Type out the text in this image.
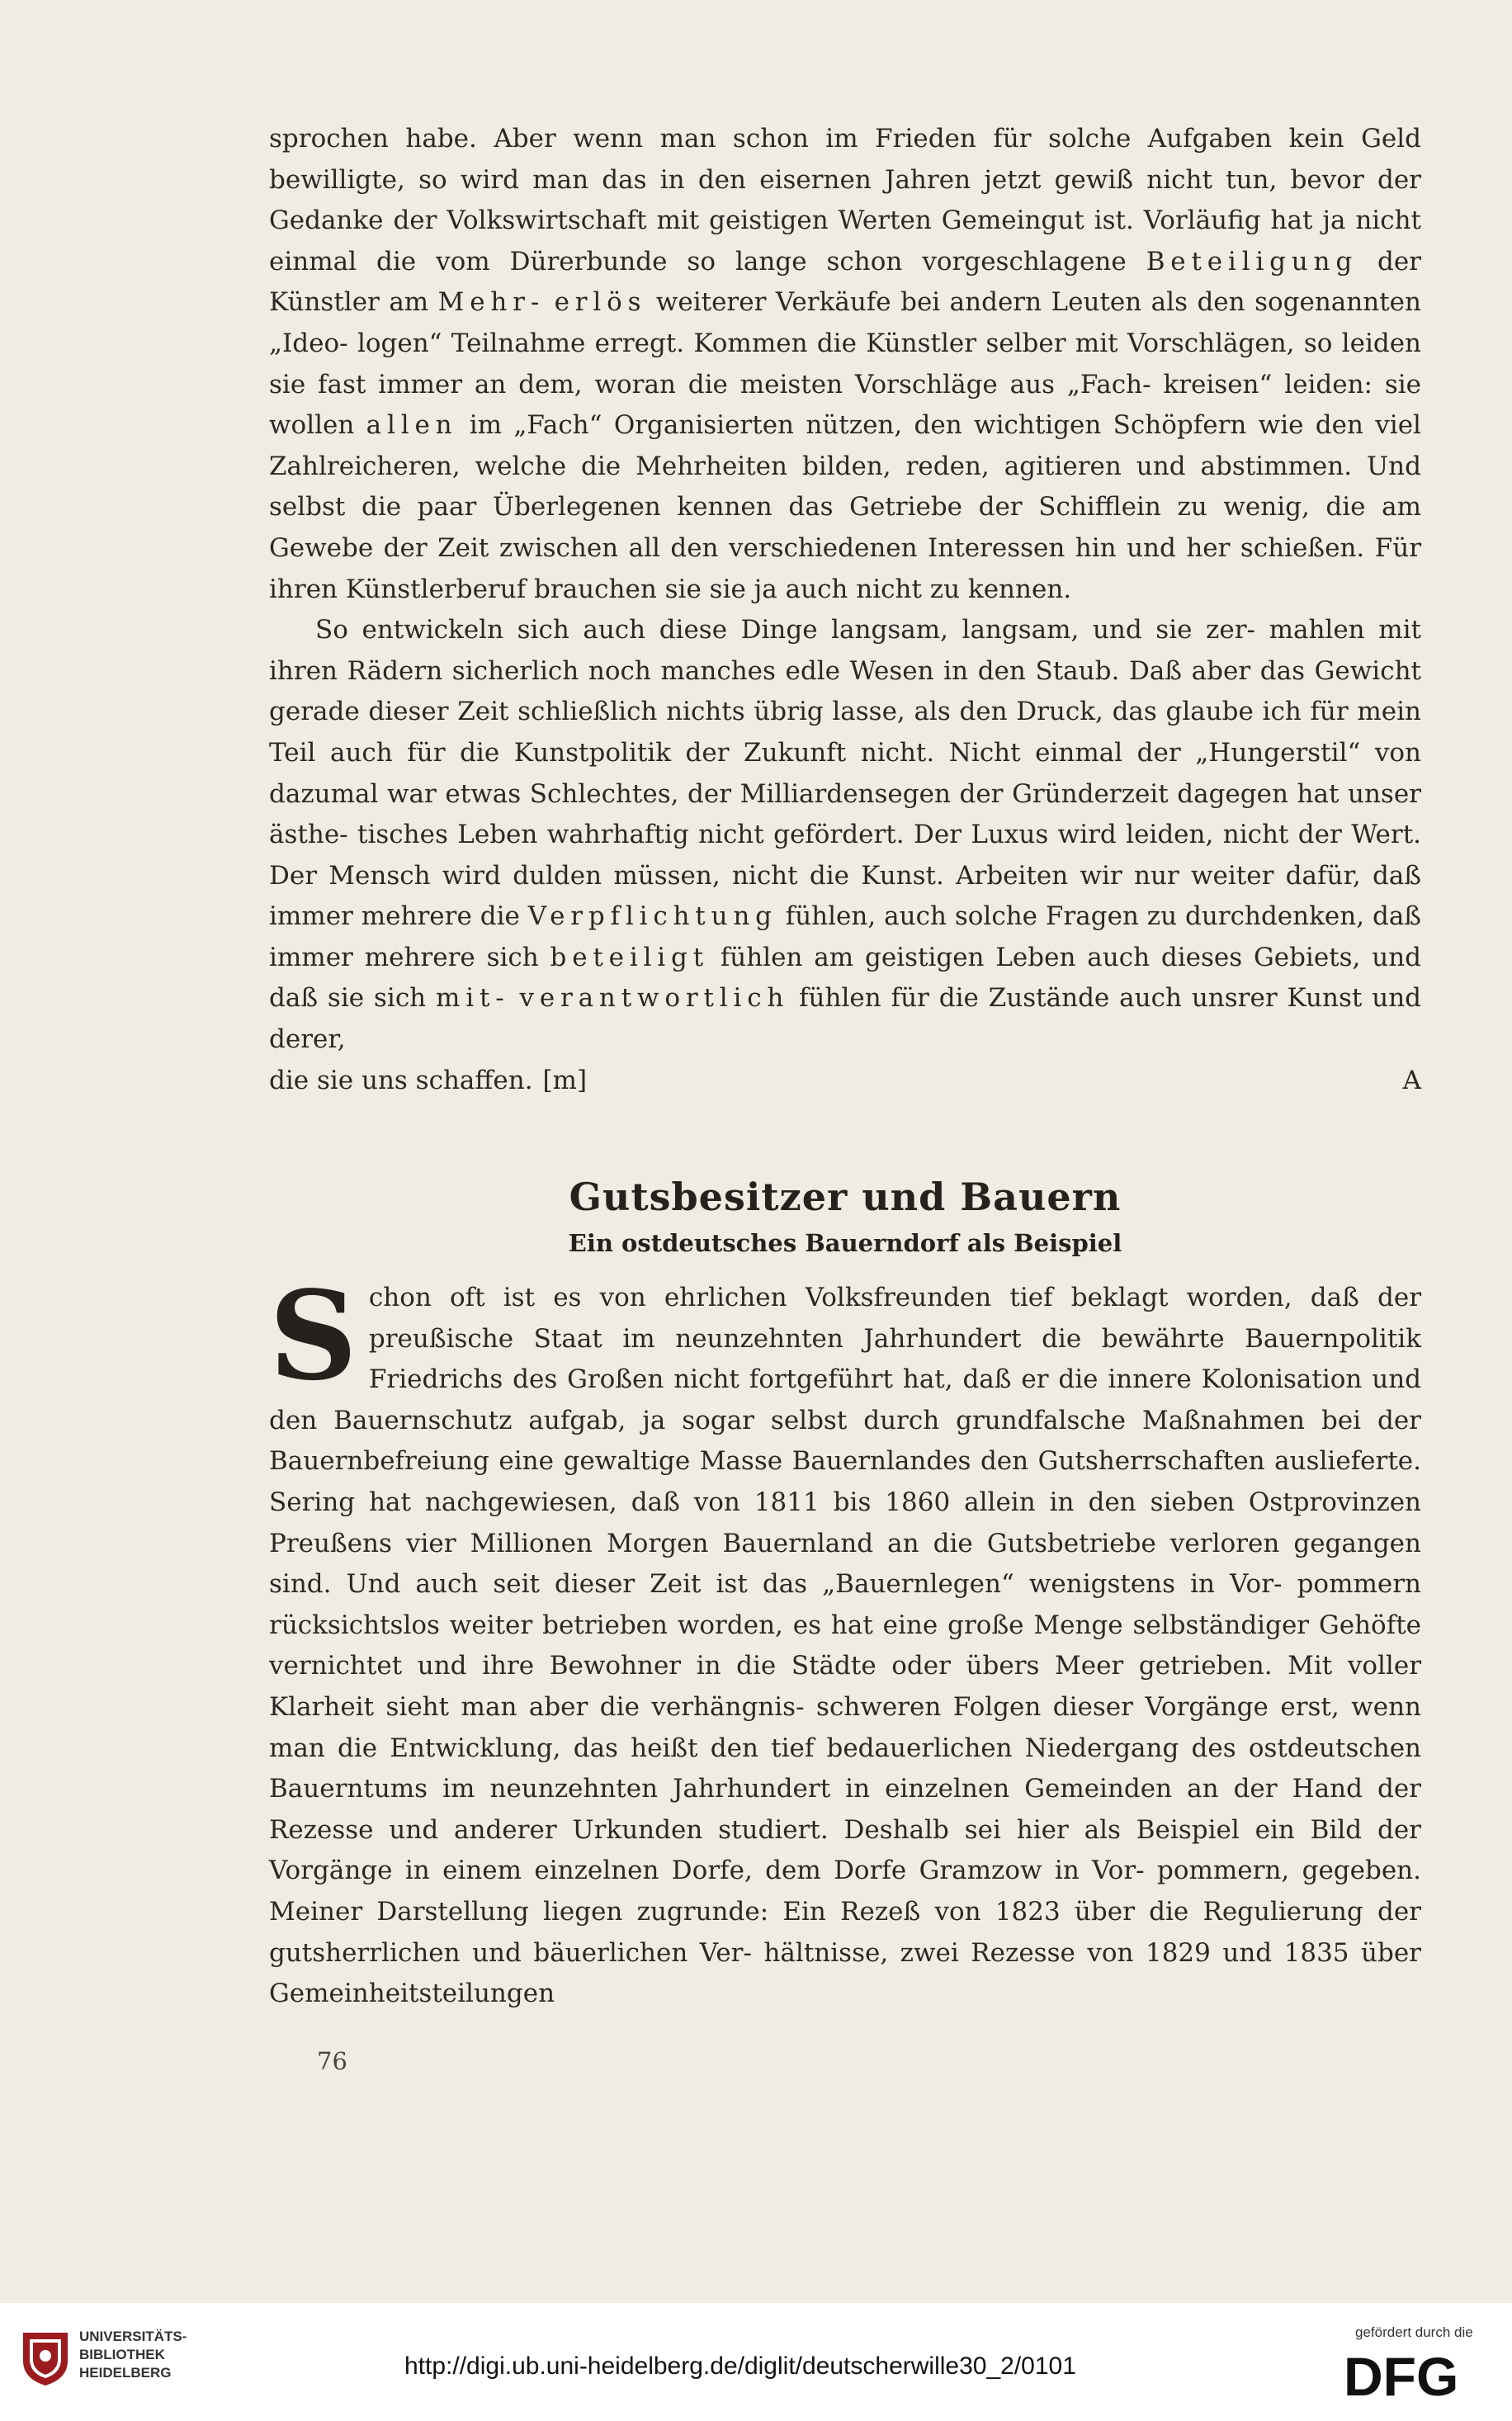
sprochen habe. Aber wenn man schon im Frieden für solche Aufgaben kein Geld bewilligte, so wird man das in den eisernen Jahren jetzt gewiß nicht tun, bevor der Gedanke der Volkswirtschaft mit geistigen Werten Gemeingut ist. Vorläufig hat ja nicht einmal die vom Dürerbunde so lange schon vorgeschlagene Beteiligung der Künstler am Mehr- erlös weiterer Verkäufe bei andern Leuten als den sogenannten „Ideo- logen“ Teilnahme erregt. Kommen die Künstler selber mit Vorschlägen, so leiden sie fast immer an dem, woran die meisten Vorschläge aus „Fach- kreisen“ leiden: sie wollen allen im „Fach“ Organisierten nützen, den wichtigen Schöpfern wie den viel Zahlreicheren, welche die Mehrheiten bilden, reden, agitieren und abstimmen. Und selbst die paar Überlegenen kennen das Getriebe der Schifflein zu wenig, die am Gewebe der Zeit zwischen all den verschiedenen Interessen hin und her schießen. Für ihren Künstlerberuf brauchen sie sie ja auch nicht zu kennen.

So entwickeln sich auch diese Dinge langsam, langsam, und sie zer- mahlen mit ihren Rädern sicherlich noch manches edle Wesen in den Staub. Daß aber das Gewicht gerade dieser Zeit schließlich nichts übrig lasse, als den Druck, das glaube ich für mein Teil auch für die Kunstpolitik der Zukunft nicht. Nicht einmal der „Hungerstil“ von dazumal war etwas Schlechtes, der Milliardensegen der Gründerzeit dagegen hat unser ästhe- tisches Leben wahrhaftig nicht gefördert. Der Luxus wird leiden, nicht der Wert. Der Mensch wird dulden müssen, nicht die Kunst. Arbeiten wir nur weiter dafür, daß immer mehrere die Verpflichtung fühlen, auch solche Fragen zu durchdenken, daß immer mehrere sich beteiligt fühlen am geistigen Leben auch dieses Gebiets, und daß sie sich mit- verantwortlich fühlen für die Zustände auch unsrer Kunst und derer,

die sie uns schaffen. [m]	A
Gutsbesitzer und Bauern
Ein ostdeutsches Bauerndorf als Beispiel

S chon oft ist es von ehrlichen Volksfreunden tief beklagt worden, daß der preußische Staat im neunzehnten Jahrhundert die bewährte Bauernpolitik Friedrichs des Großen nicht fortgeführt hat, daß er die innere Kolonisation und den Bauernschutz aufgab, ja sogar selbst durch grundfalsche Maßnahmen bei der Bauernbefreiung eine gewaltige Masse Bauernlandes den Gutsherrschaften auslieferte. Sering hat nachgewiesen, daß von 1811 bis 1860 allein in den sieben Ostprovinzen Preußens vier Millionen Morgen Bauernland an die Gutsbetriebe verloren gegangen sind. Und auch seit dieser Zeit ist das „Bauernlegen“ wenigstens in Vor- pommern rücksichtslos weiter betrieben worden, es hat eine große Menge selbständiger Gehöfte vernichtet und ihre Bewohner in die Städte oder übers Meer getrieben. Mit voller Klarheit sieht man aber die verhängnis- schweren Folgen dieser Vorgänge erst, wenn man die Entwicklung, das heißt den tief bedauerlichen Niedergang des ostdeutschen Bauerntums im neunzehnten Jahrhundert in einzelnen Gemeinden an der Hand der Rezesse und anderer Urkunden studiert. Deshalb sei hier als Beispiel ein Bild der Vorgänge in einem einzelnen Dorfe, dem Dorfe Gramzow in Vor- pommern, gegeben. Meiner Darstellung liegen zugrunde: Ein Rezeß von 1823 über die Regulierung der gutsherrlichen und bäuerlichen Ver- hältnisse, zwei Rezesse von 1829 und 1835 über Gemeinheitsteilungen

76
UNIVERSITÄTS-
BIBLIOTHEK
HEIDELBERG	http://digi.ub.uni-heidelberg.de/diglit/deutscherwille30_2/0101
gefördert durch die
DFG
